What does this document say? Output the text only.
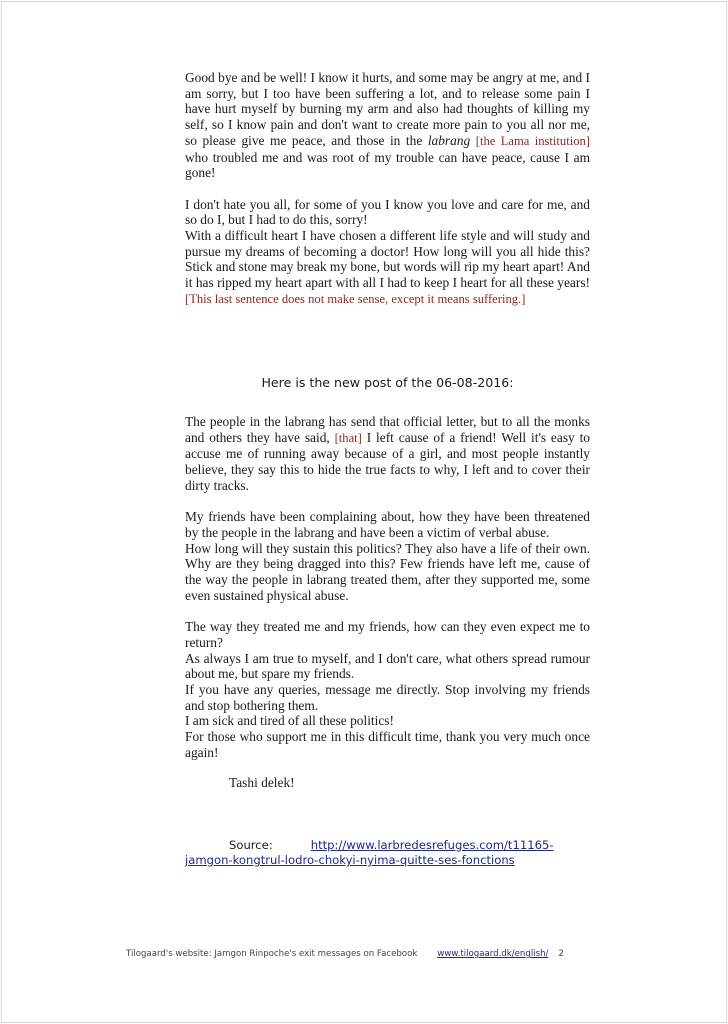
Good bye and be well! I know it hurts, and some may be angry at me, and I am sorry, but I too have been suffering a lot, and to release some pain I have hurt myself by burning my arm and also had thoughts of killing my self, so I know pain and don't want to create more pain to you all nor me, so please give me peace, and those in the labrang [the Lama institution] who troubled me and was root of my trouble can have peace, cause I am gone!

I don't hate you all, for some of you I know you love and care for me, and so do I, but I had to do this, sorry!

With a difficult heart I have chosen a different life style and will study and pursue my dreams of becoming a doctor! How long will you all hide this? Stick and stone may break my bone, but words will rip my heart apart! And it has ripped my heart apart with all I had to keep I heart for all these years! [This last sentence does not make sense, except it means suffering.]

Here is the new post of the 06-08-2016:

The people in the labrang has send that official letter, but to all the monks and others they have said, [that] I left cause of a friend! Well it's easy to accuse me of running away because of a girl, and most people instantly believe, they say this to hide the true facts to why, I left and to cover their dirty tracks.

My friends have been complaining about, how they have been threatened by the people in the labrang and have been a victim of verbal abuse.

How long will they sustain this politics? They also have a life of their own. Why are they being dragged into this? Few friends have left me, cause of the way the people in labrang treated them, after they supported me, some even sustained physical abuse.

The way they treated me and my friends, how can they even expect me to return?

As always I am true to myself, and I don't care, what others spread rumour about me, but spare my friends.

If you have any queries, message me directly. Stop involving my friends and stop bothering them.

I am sick and tired of all these politics!

For those who support me in this difficult time, thank you very much once again!

Tashi delek!
Source:	http://www.larbredesrefuges.com/t11165-jamgon-kongtrul-lodro-chokyi-nyima-quitte-ses-fonctions
Tilogaard's website: Jamgon Rinpoche's exit messages on Facebook www.tilogaard.dk/english/ 2
